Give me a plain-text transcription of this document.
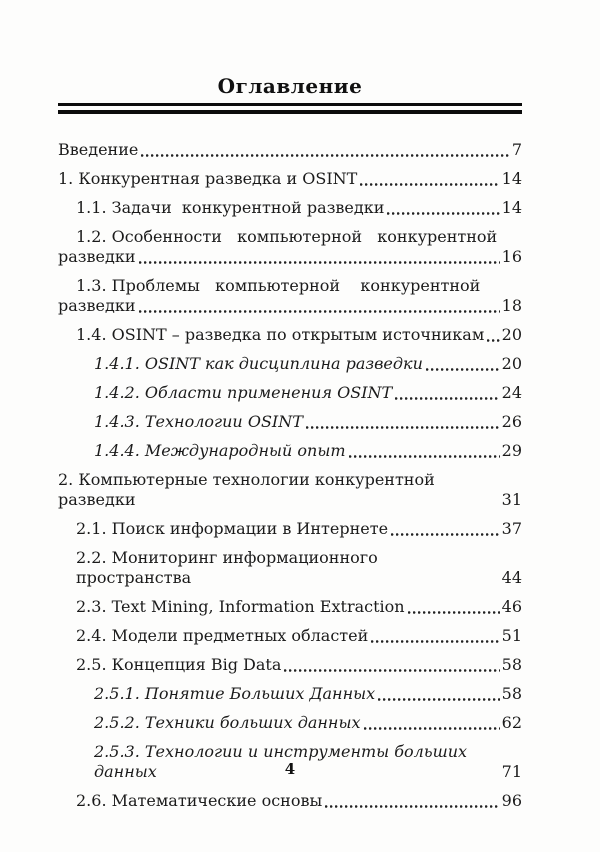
Оглавление
Введение	7
1. Конкурентная разведка и OSINT	14
1.1. Задачи  конкурентной разведки	14
1.2. Особенности   компьютерной   конкурентной
разведки	16
1.3. Проблемы   компьютерной    конкурентной
разведки	18
1.4. OSINT – разведка по открытым источникам 20
1.4.1. OSINT как дисциплина разведки	20
1.4.2. Области применения OSINT	24
1.4.3. Технологии OSINT	26
1.4.4. Международный опыт	29
2. Компьютерные технологии конкурентной разведки	31
2.1. Поиск информации в Интернете	37
2.2. Мониторинг информационного пространства	44
2.3. Text Mining, Information Extraction	46
2.4. Модели предметных областей	51
2.5. Концепция Big Data	58
2.5.1. Понятие Больших Данных	58
2.5.2. Техники больших данных	62
2.5.3. Технологии и инструменты больших данных	71
2.6. Математические основы	96
4
